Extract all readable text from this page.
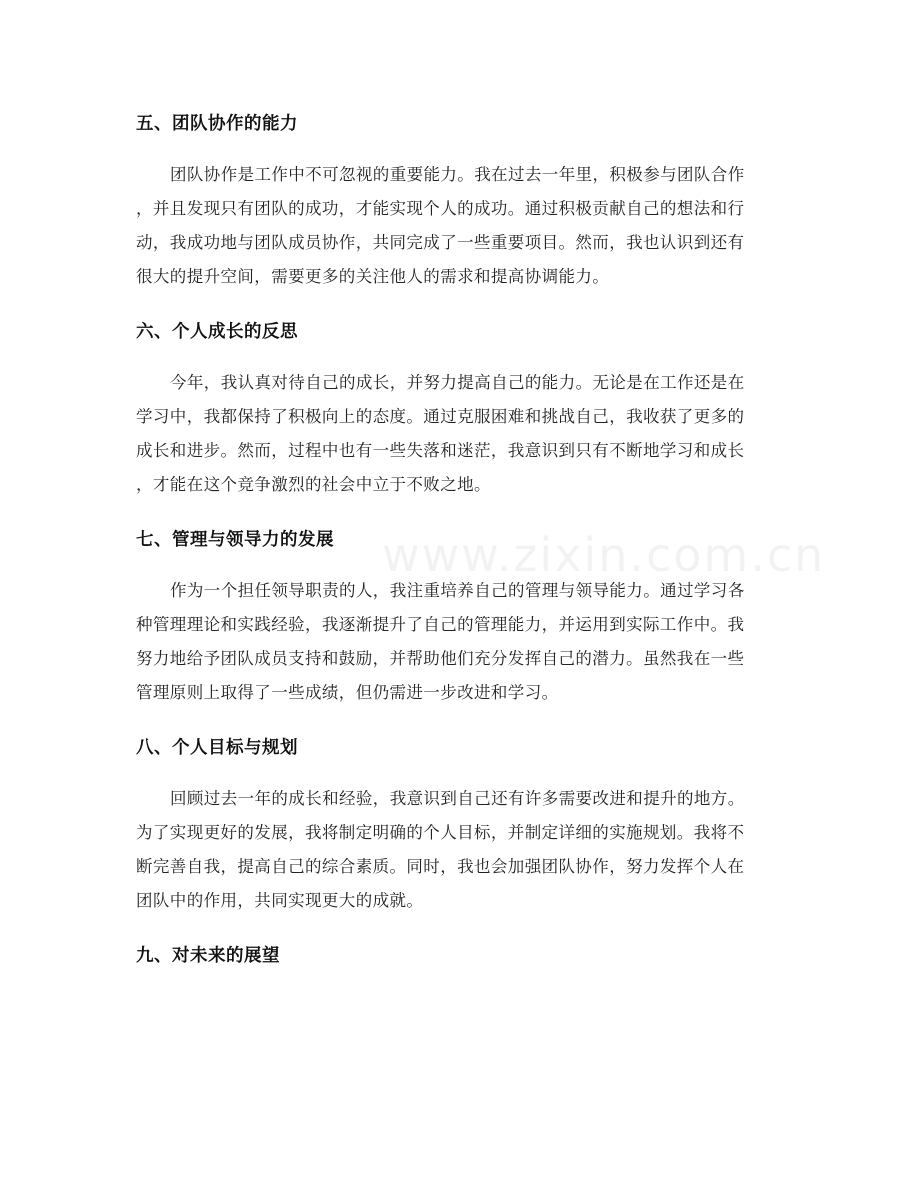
www.zixin.com.cn
五、团队协作的能力
团队协作是工作中不可忽视的重要能力。我在过去一年里，积极参与团队合作
，并且发现只有团队的成功，才能实现个人的成功。通过积极贡献自己的想法和行
动，我成功地与团队成员协作，共同完成了一些重要项目。然而，我也认识到还有
很大的提升空间，需要更多的关注他人的需求和提高协调能力。
六、个人成长的反思
今年，我认真对待自己的成长，并努力提高自己的能力。无论是在工作还是在
学习中，我都保持了积极向上的态度。通过克服困难和挑战自己，我收获了更多的
成长和进步。然而，过程中也有一些失落和迷茫，我意识到只有不断地学习和成长
，才能在这个竞争激烈的社会中立于不败之地。
七、管理与领导力的发展
作为一个担任领导职责的人，我注重培养自己的管理与领导能力。通过学习各
种管理理论和实践经验，我逐渐提升了自己的管理能力，并运用到实际工作中。我
努力地给予团队成员支持和鼓励，并帮助他们充分发挥自己的潜力。虽然我在一些
管理原则上取得了一些成绩，但仍需进一步改进和学习。
八、个人目标与规划
回顾过去一年的成长和经验，我意识到自己还有许多需要改进和提升的地方。
为了实现更好的发展，我将制定明确的个人目标，并制定详细的实施规划。我将不
断完善自我，提高自己的综合素质。同时，我也会加强团队协作，努力发挥个人在
团队中的作用，共同实现更大的成就。
九、对未来的展望
